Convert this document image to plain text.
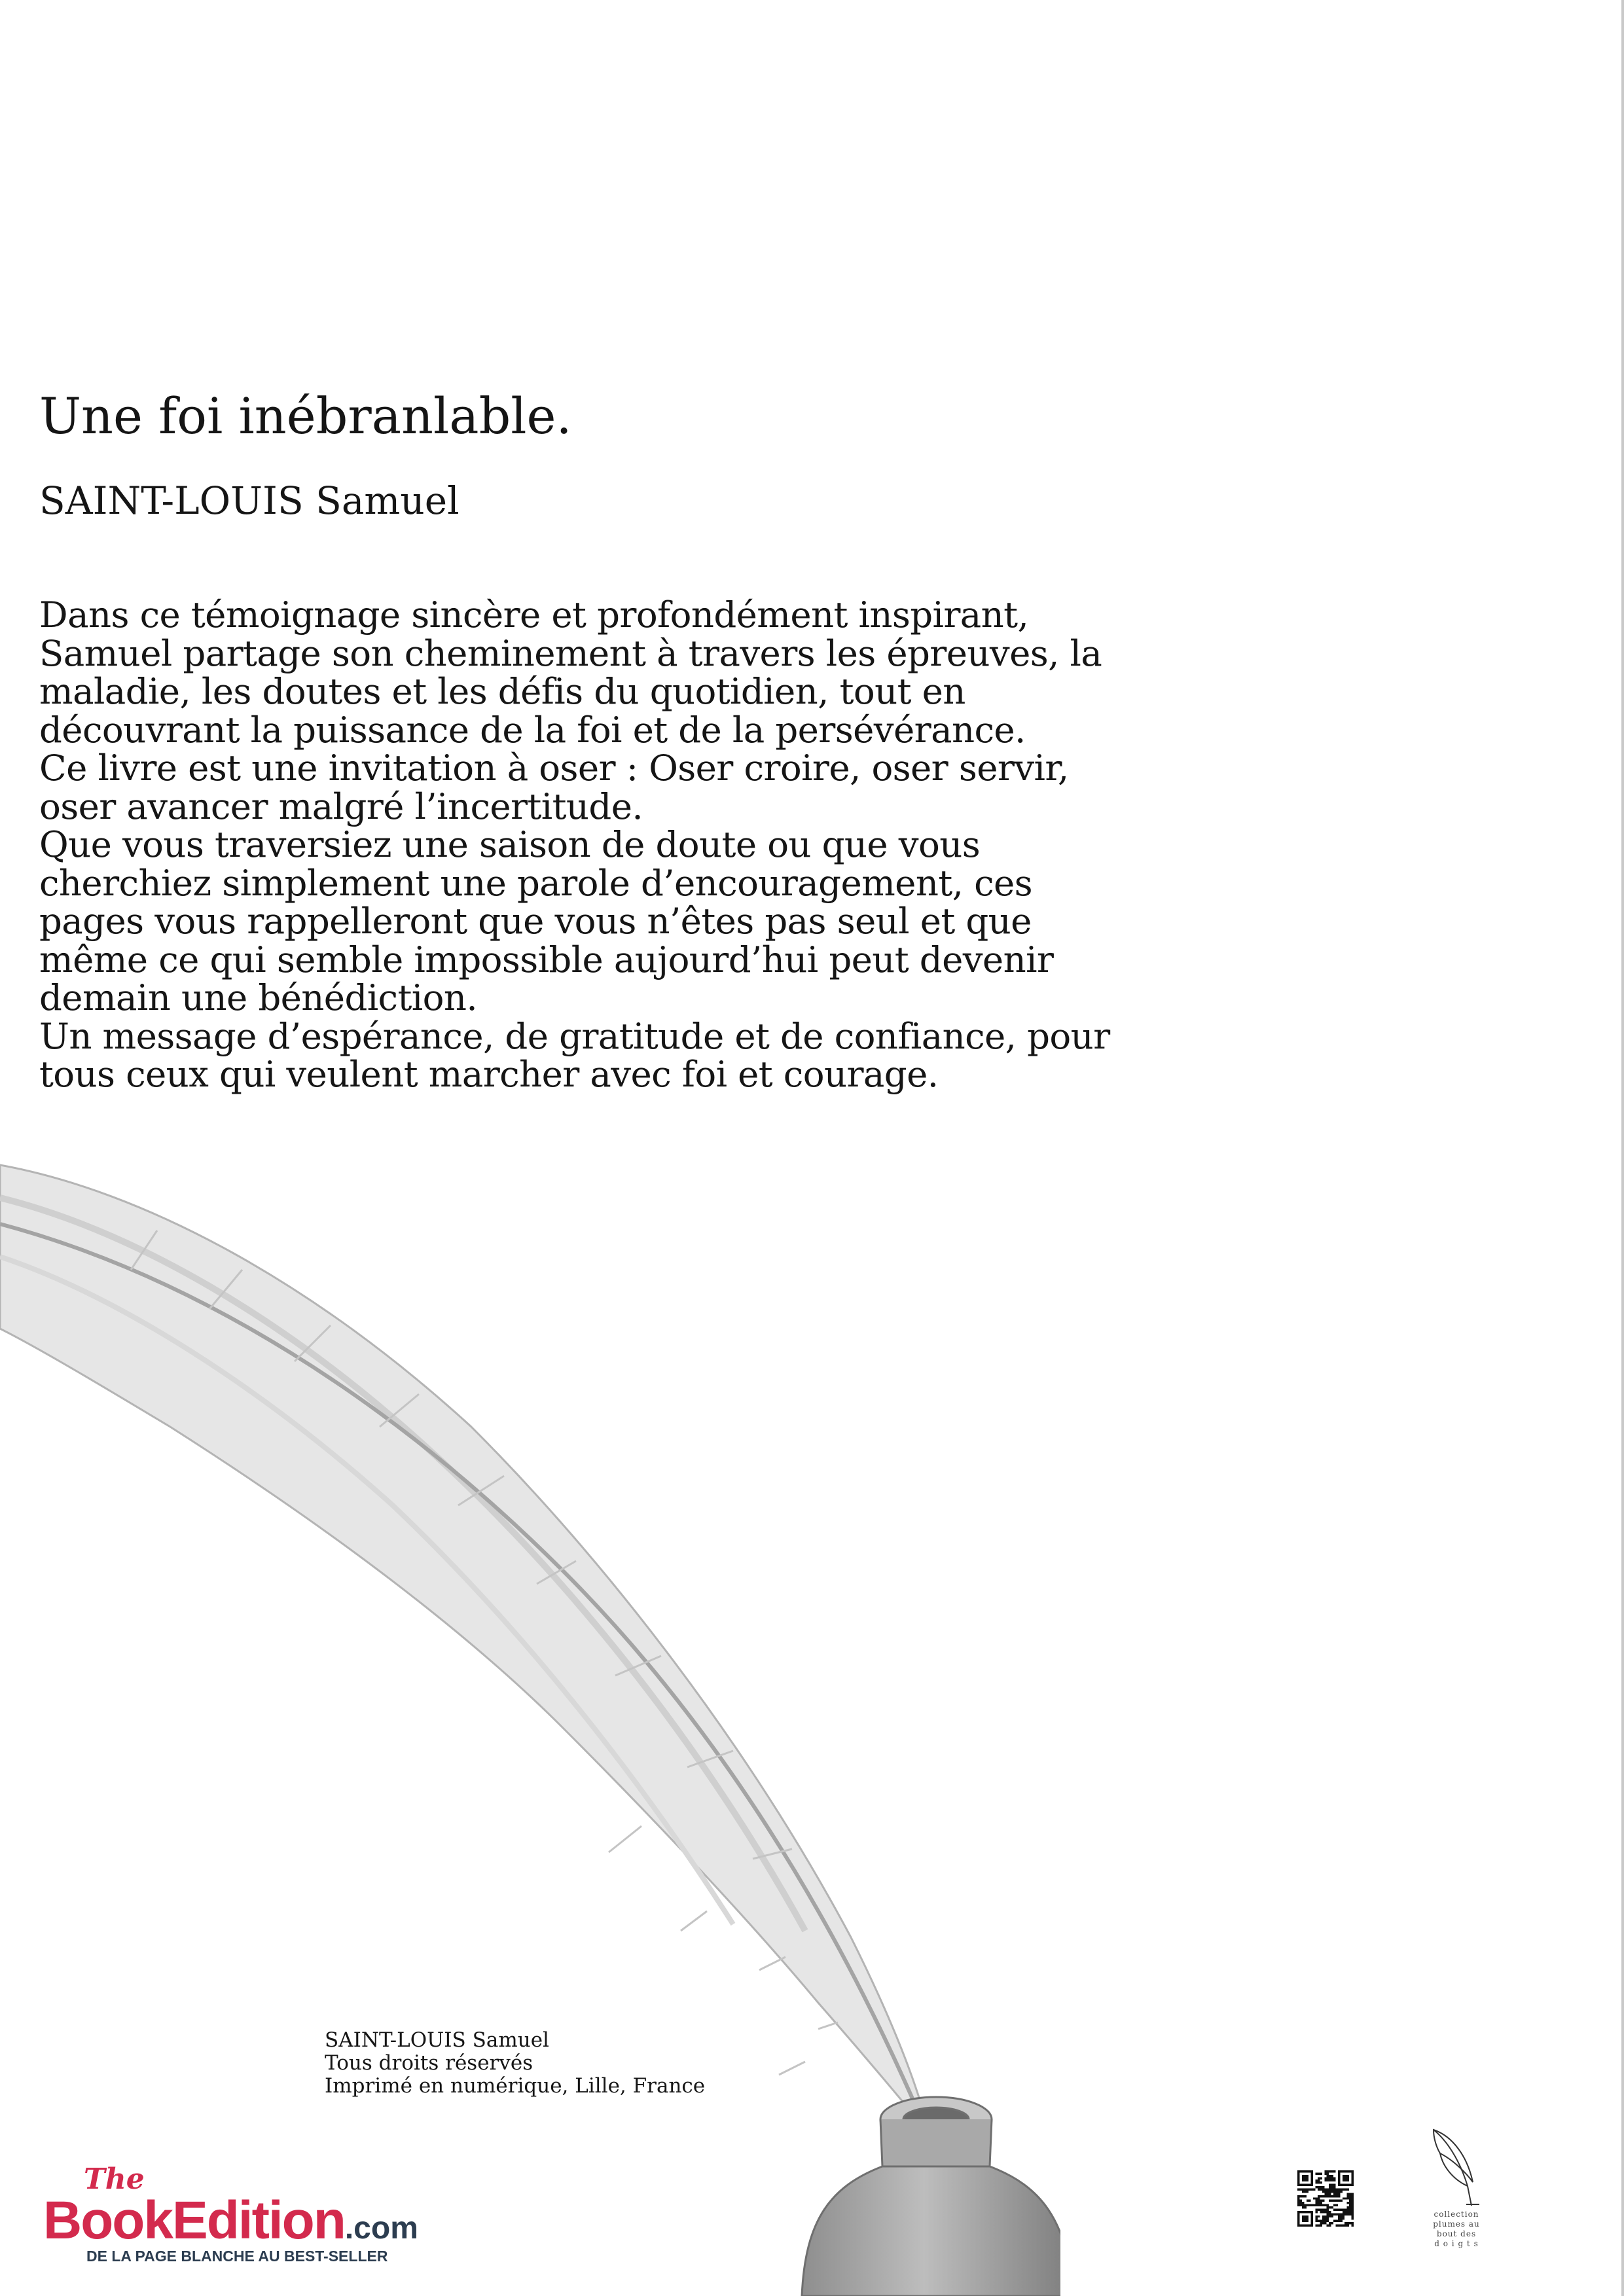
Une foi inébranlable.
SAINT-LOUIS Samuel
Dans ce témoignage sincère et profondément inspirant,
Samuel partage son cheminement à travers les épreuves, la
maladie, les doutes et les défis du quotidien, tout en
découvrant la puissance de la foi et de la persévérance.
Ce livre est une invitation à oser : Oser croire, oser servir,
oser avancer malgré l’incertitude.
Que vous traversiez une saison de doute ou que vous
cherchiez simplement une parole d’encouragement, ces
pages vous rappelleront que vous n’êtes pas seul et que
même ce qui semble impossible aujourd’hui peut devenir
demain une bénédiction.
Un message d’espérance, de gratitude et de confiance, pour
tous ceux qui veulent marcher avec foi et courage.
SAINT-LOUIS Samuel
Tous droits réservés
Imprimé en numérique, Lille, France
The
BookEdition.com
DE LA PAGE BLANCHE AU BEST-SELLER
collection
plumes au
bout des
d o i g t s
